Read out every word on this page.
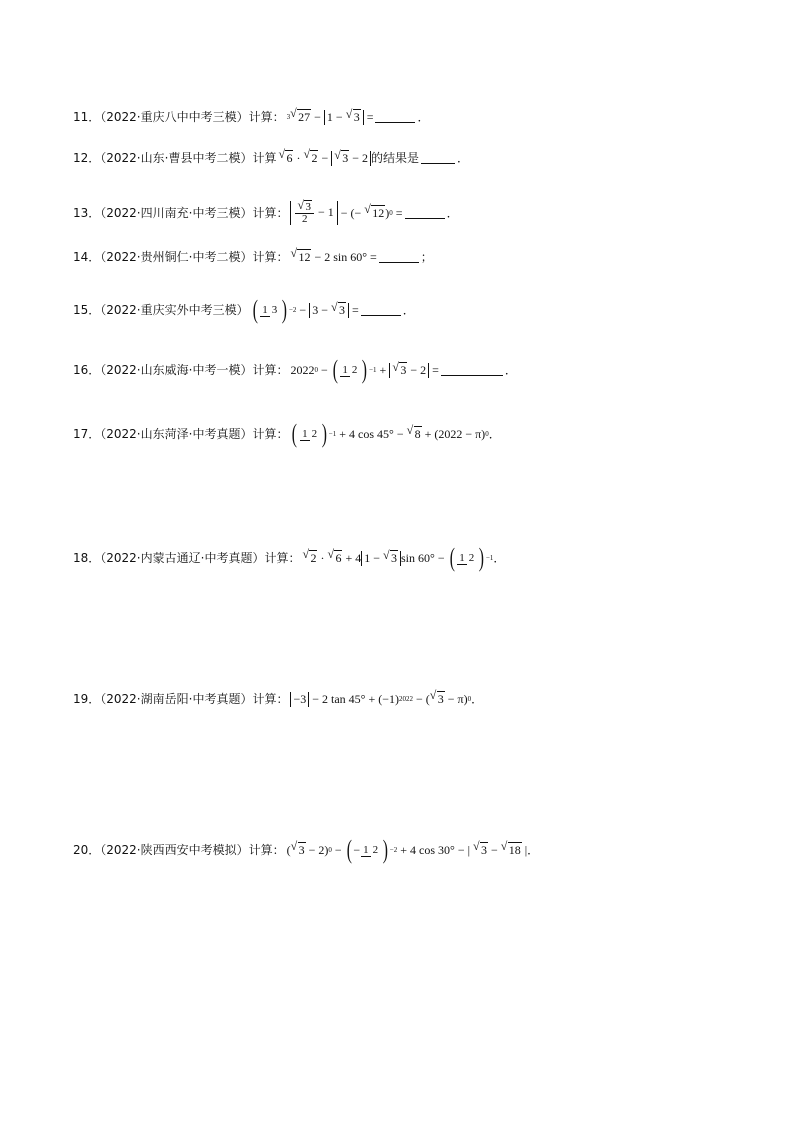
11．（2022·重庆八中中考三模）计算： 3 √ 27 − 1 − √ 3 =	．
12．（2022·山东·曹县中考二模）计算 √ 6 · √ 2 − √ 3 − 2 的结果是	．
13．（2022·四川南充·中考三模）计算： $\frac{√ 3}{2} - 1$ − (− √ 12) 0 =	．
14．（2022·贵州铜仁·中考二模）计算： √ 12 − 2 sin 60° =	；
15．（2022·重庆实外中考三模） ( 1 3 ) −2 − 3 − √ 3 =	．
16．（2022·山东威海·中考一模）计算： 2022 0 − ( 1 2 ) −1 + √ 3 − 2 =	．
17．（2022·山东菏泽·中考真题）计算： ( 1 2 ) −1 + 4 cos 45° − √ 8 + (2022 − π) 0 ．
18．（2022·内蒙古通辽·中考真题）计算： √ 2 · √ 6 + 4 1 − √ 3 sin 60° − ( 1 2 ) −1 ．
19．（2022·湖南岳阳·中考真题）计算： −3 − 2 tan 45° + (−1) 2022 − ( √ 3 − π) 0 ．
20．（2022·陕西西安中考模拟）计算： ( √ 3 − 2) 0 − ( − 1 2 ) −2 + 4 cos 30° − | √ 3 − √ 18 | ．
